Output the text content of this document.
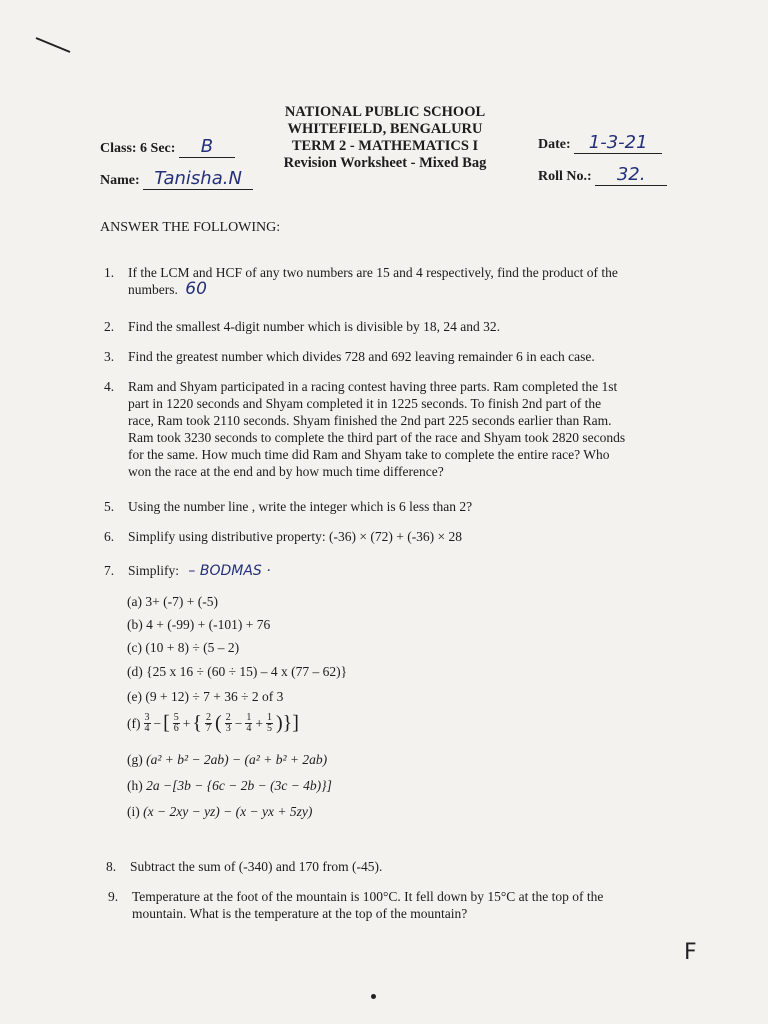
NATIONAL PUBLIC SCHOOL
WHITEFIELD, BENGALURU
TERM 2 - MATHEMATICS I
Revision Worksheet - Mixed Bag
Class: 6 Sec: B
Name: Tanisha.N
Date: 1-3-21
Roll No.: 32.
ANSWER THE FOLLOWING:
1. If the LCM and HCF of any two numbers are 15 and 4 respectively, find the product of the
numbers. 60
2. Find the smallest 4-digit number which is divisible by 18, 24 and 32.
3. Find the greatest number which divides 728 and 692 leaving remainder 6 in each case.
4. Ram and Shyam participated in a racing contest having three parts. Ram completed the 1st
part in 1220 seconds and Shyam completed it in 1225 seconds. To finish 2nd part of the
race, Ram took 2110 seconds. Shyam finished the 2nd part 225 seconds earlier than Ram.
Ram took 3230 seconds to complete the third part of the race and Shyam took 2820 seconds
for the same. How much time did Ram and Shyam take to complete the entire race? Who
won the race at the end and by how much time difference?
5. Using the number line , write the integer which is 6 less than 2?
6. Simplify using distributive property: (-36) × (72) + (-36) × 28
7. Simplify: – BODMAS ·
(a) 3+ (-7) + (-5)
(b) 4 + (-99) + (-101) + 76
(c) (10 + 8) ÷ (5 – 2)
(d) {25 x 16 ÷ (60 ÷ 15) – 4 x (77 – 62)}
(e) (9 + 12) ÷ 7 + 36 ÷ 2 of 3
$(f) \frac{3}{4}$ − [ $\frac{5}{6}$ + { $\frac{2}{7}$ ( $\frac{2}{3} - \frac{1}{4} + \frac{1}{5}$ )}]
(g) (a² + b² − 2ab) − (a² + b² + 2ab)
(h) 2a −[3b − {6c − 2b − (3c − 4b)}]
(i) (x − 2xy − yz) − (x − yx + 5zy)
8. Subtract the sum of (-340) and 170 from (-45).
9. Temperature at the foot of the mountain is 100°C. It fell down by 15°C at the top of the
mountain. What is the temperature at the top of the mountain?
F
